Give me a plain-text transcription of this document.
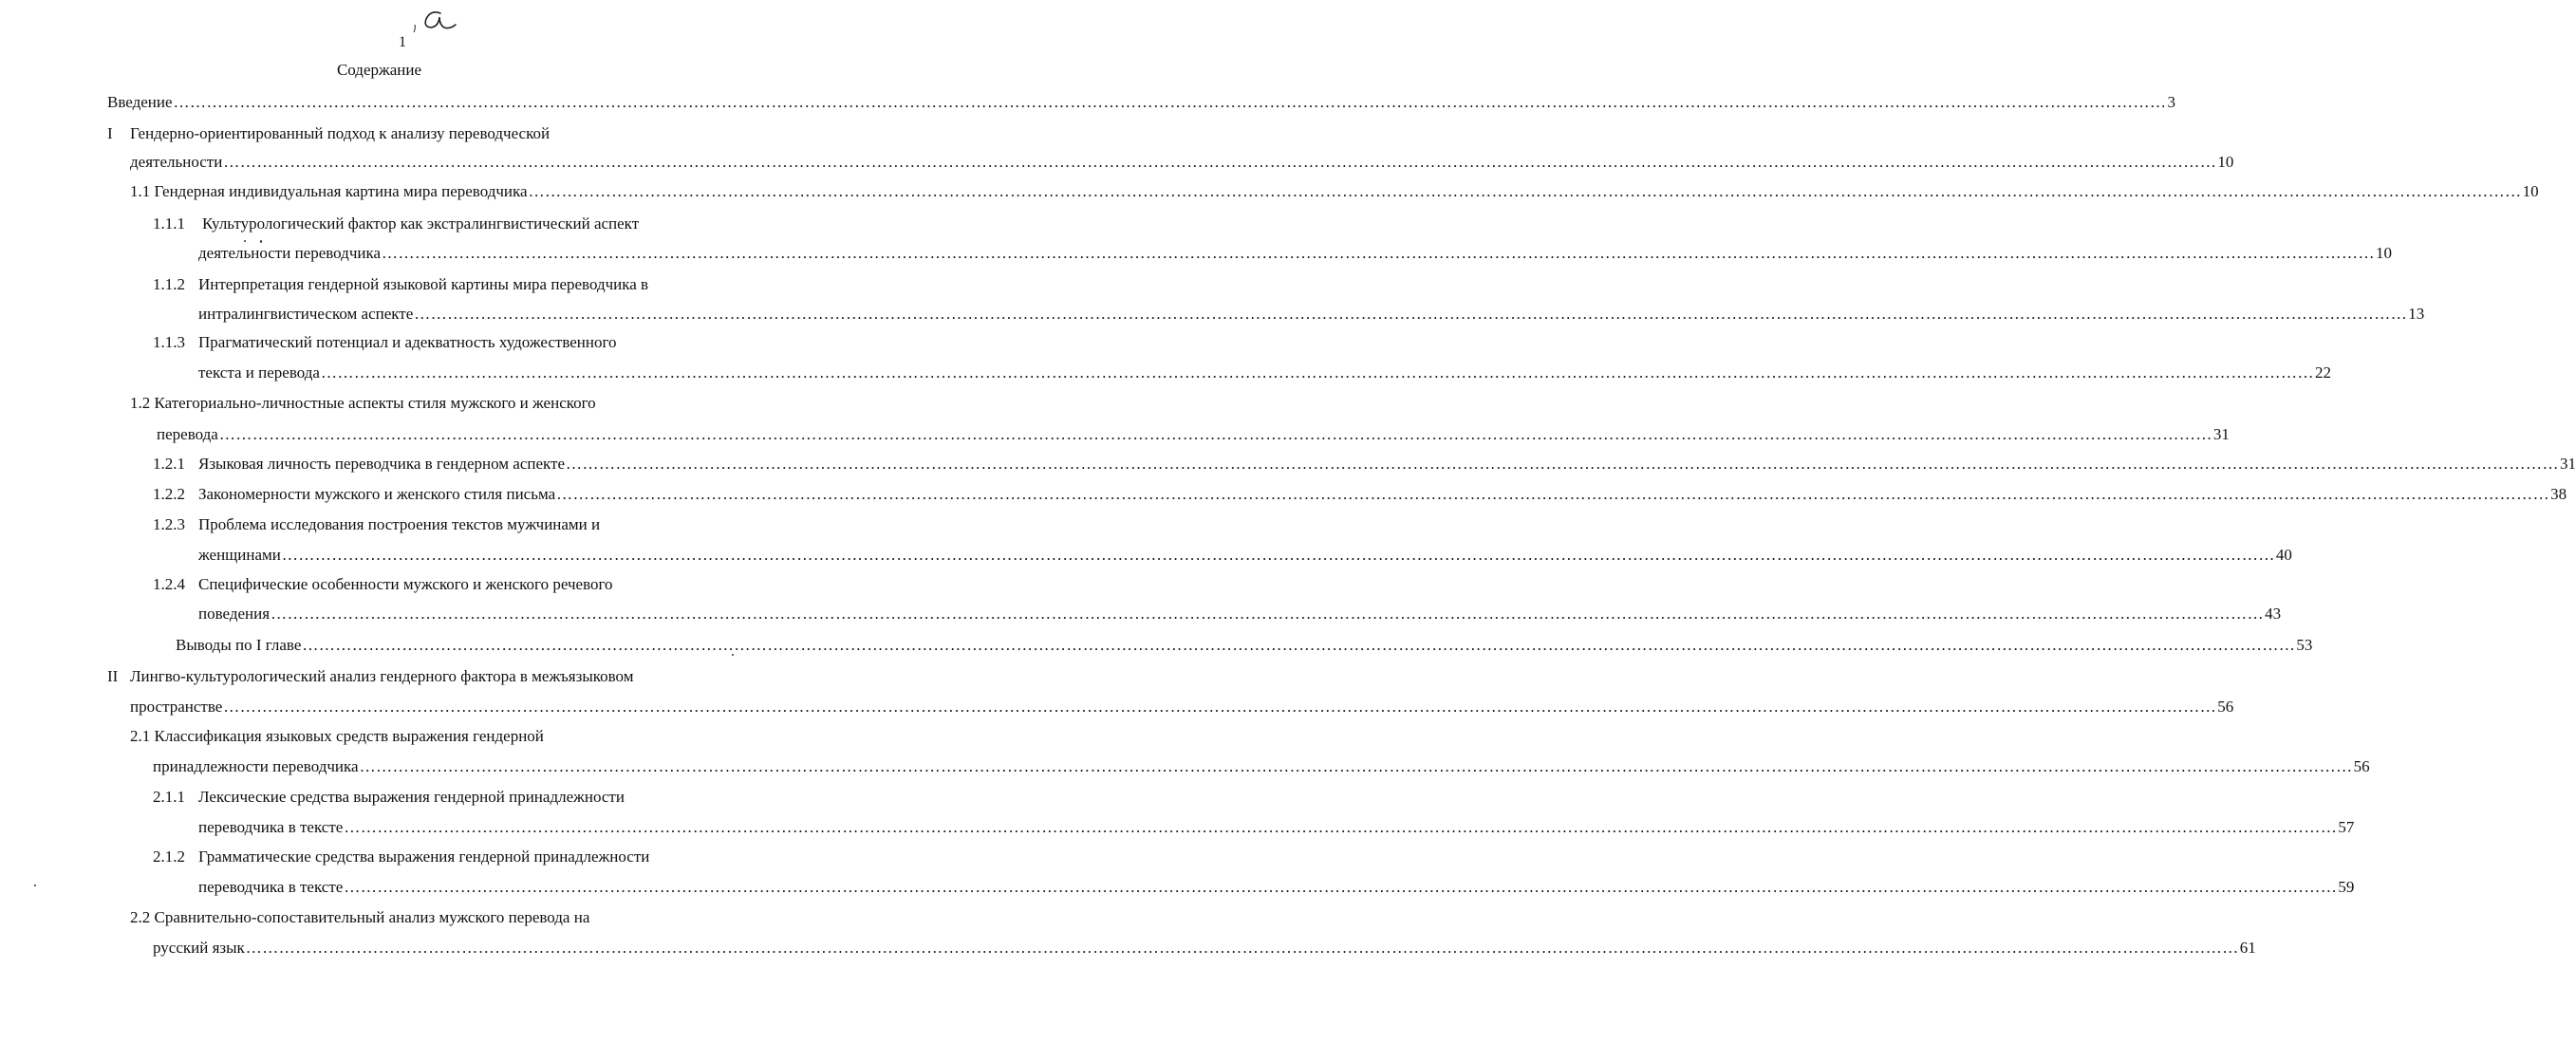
1
Содержание
Введение ……………………………………………………………………………………………………………………………………………………………………………………………………………………………………………………………………………………………………………………………… 3
I Гендерно-ориентированный подход к анализу переводческой
деятельности ……………………………………………………………………………………………………………………………………………………………………………………………………………………………………………………………………………………………………………………………… 10
1.1 Гендерная индивидуальная картина мира переводчика ……………………………………………………………………………………………………………………………………………………………………………………………………………………………………………………………………………………………………………………………… 10
1.1.1 Культурологический фактор как экстралингвистический аспект
деятельности переводчика ……………………………………………………………………………………………………………………………………………………………………………………………………………………………………………………………………………………………………………………………… 10
1.1.2 Интерпретация гендерной языковой картины мира переводчика в
интралингвистическом аспекте ……………………………………………………………………………………………………………………………………………………………………………………………………………………………………………………………………………………………………………………………… 13
1.1.3 Прагматический потенциал и адекватность художественного
текста и перевода ……………………………………………………………………………………………………………………………………………………………………………………………………………………………………………………………………………………………………………………………… 22
1.2 Категориально-личностные аспекты стиля мужского и женского
перевода ……………………………………………………………………………………………………………………………………………………………………………………………………………………………………………………………………………………………………………………………… 31
1.2.1 Языковая личность переводчика в гендерном аспекте ……………………………………………………………………………………………………………………………………………………………………………………………………………………………………………………………………………………………………………………………… 31
1.2.2 Закономерности мужского и женского стиля письма ……………………………………………………………………………………………………………………………………………………………………………………………………………………………………………………………………………………………………………………………… 38
1.2.3 Проблема исследования построения текстов мужчинами и
женщинами ……………………………………………………………………………………………………………………………………………………………………………………………………………………………………………………………………………………………………………………………… 40
1.2.4 Специфические особенности мужского и женского речевого
поведения ……………………………………………………………………………………………………………………………………………………………………………………………………………………………………………………………………………………………………………………………… 43
Выводы по I главе ……………………………………………………………………………………………………………………………………………………………………………………………………………………………………………………………………………………………………………………………… 53
II Лингво-культурологический анализ гендерного фактора в межъязыковом
пространстве ……………………………………………………………………………………………………………………………………………………………………………………………………………………………………………………………………………………………………………………………… 56
2.1 Классификация языковых средств выражения гендерной
принадлежности переводчика ……………………………………………………………………………………………………………………………………………………………………………………………………………………………………………………………………………………………………………………………… 56
2.1.1 Лексические средства выражения гендерной принадлежности
переводчика в тексте ……………………………………………………………………………………………………………………………………………………………………………………………………………………………………………………………………………………………………………………………… 57
2.1.2 Грамматические средства выражения гендерной принадлежности
переводчика в тексте ……………………………………………………………………………………………………………………………………………………………………………………………………………………………………………………………………………………………………………………………… 59
2.2 Сравнительно-сопоставительный анализ мужского перевода на
русский язык ……………………………………………………………………………………………………………………………………………………………………………………………………………………………………………………………………………………………………………………………… 61
